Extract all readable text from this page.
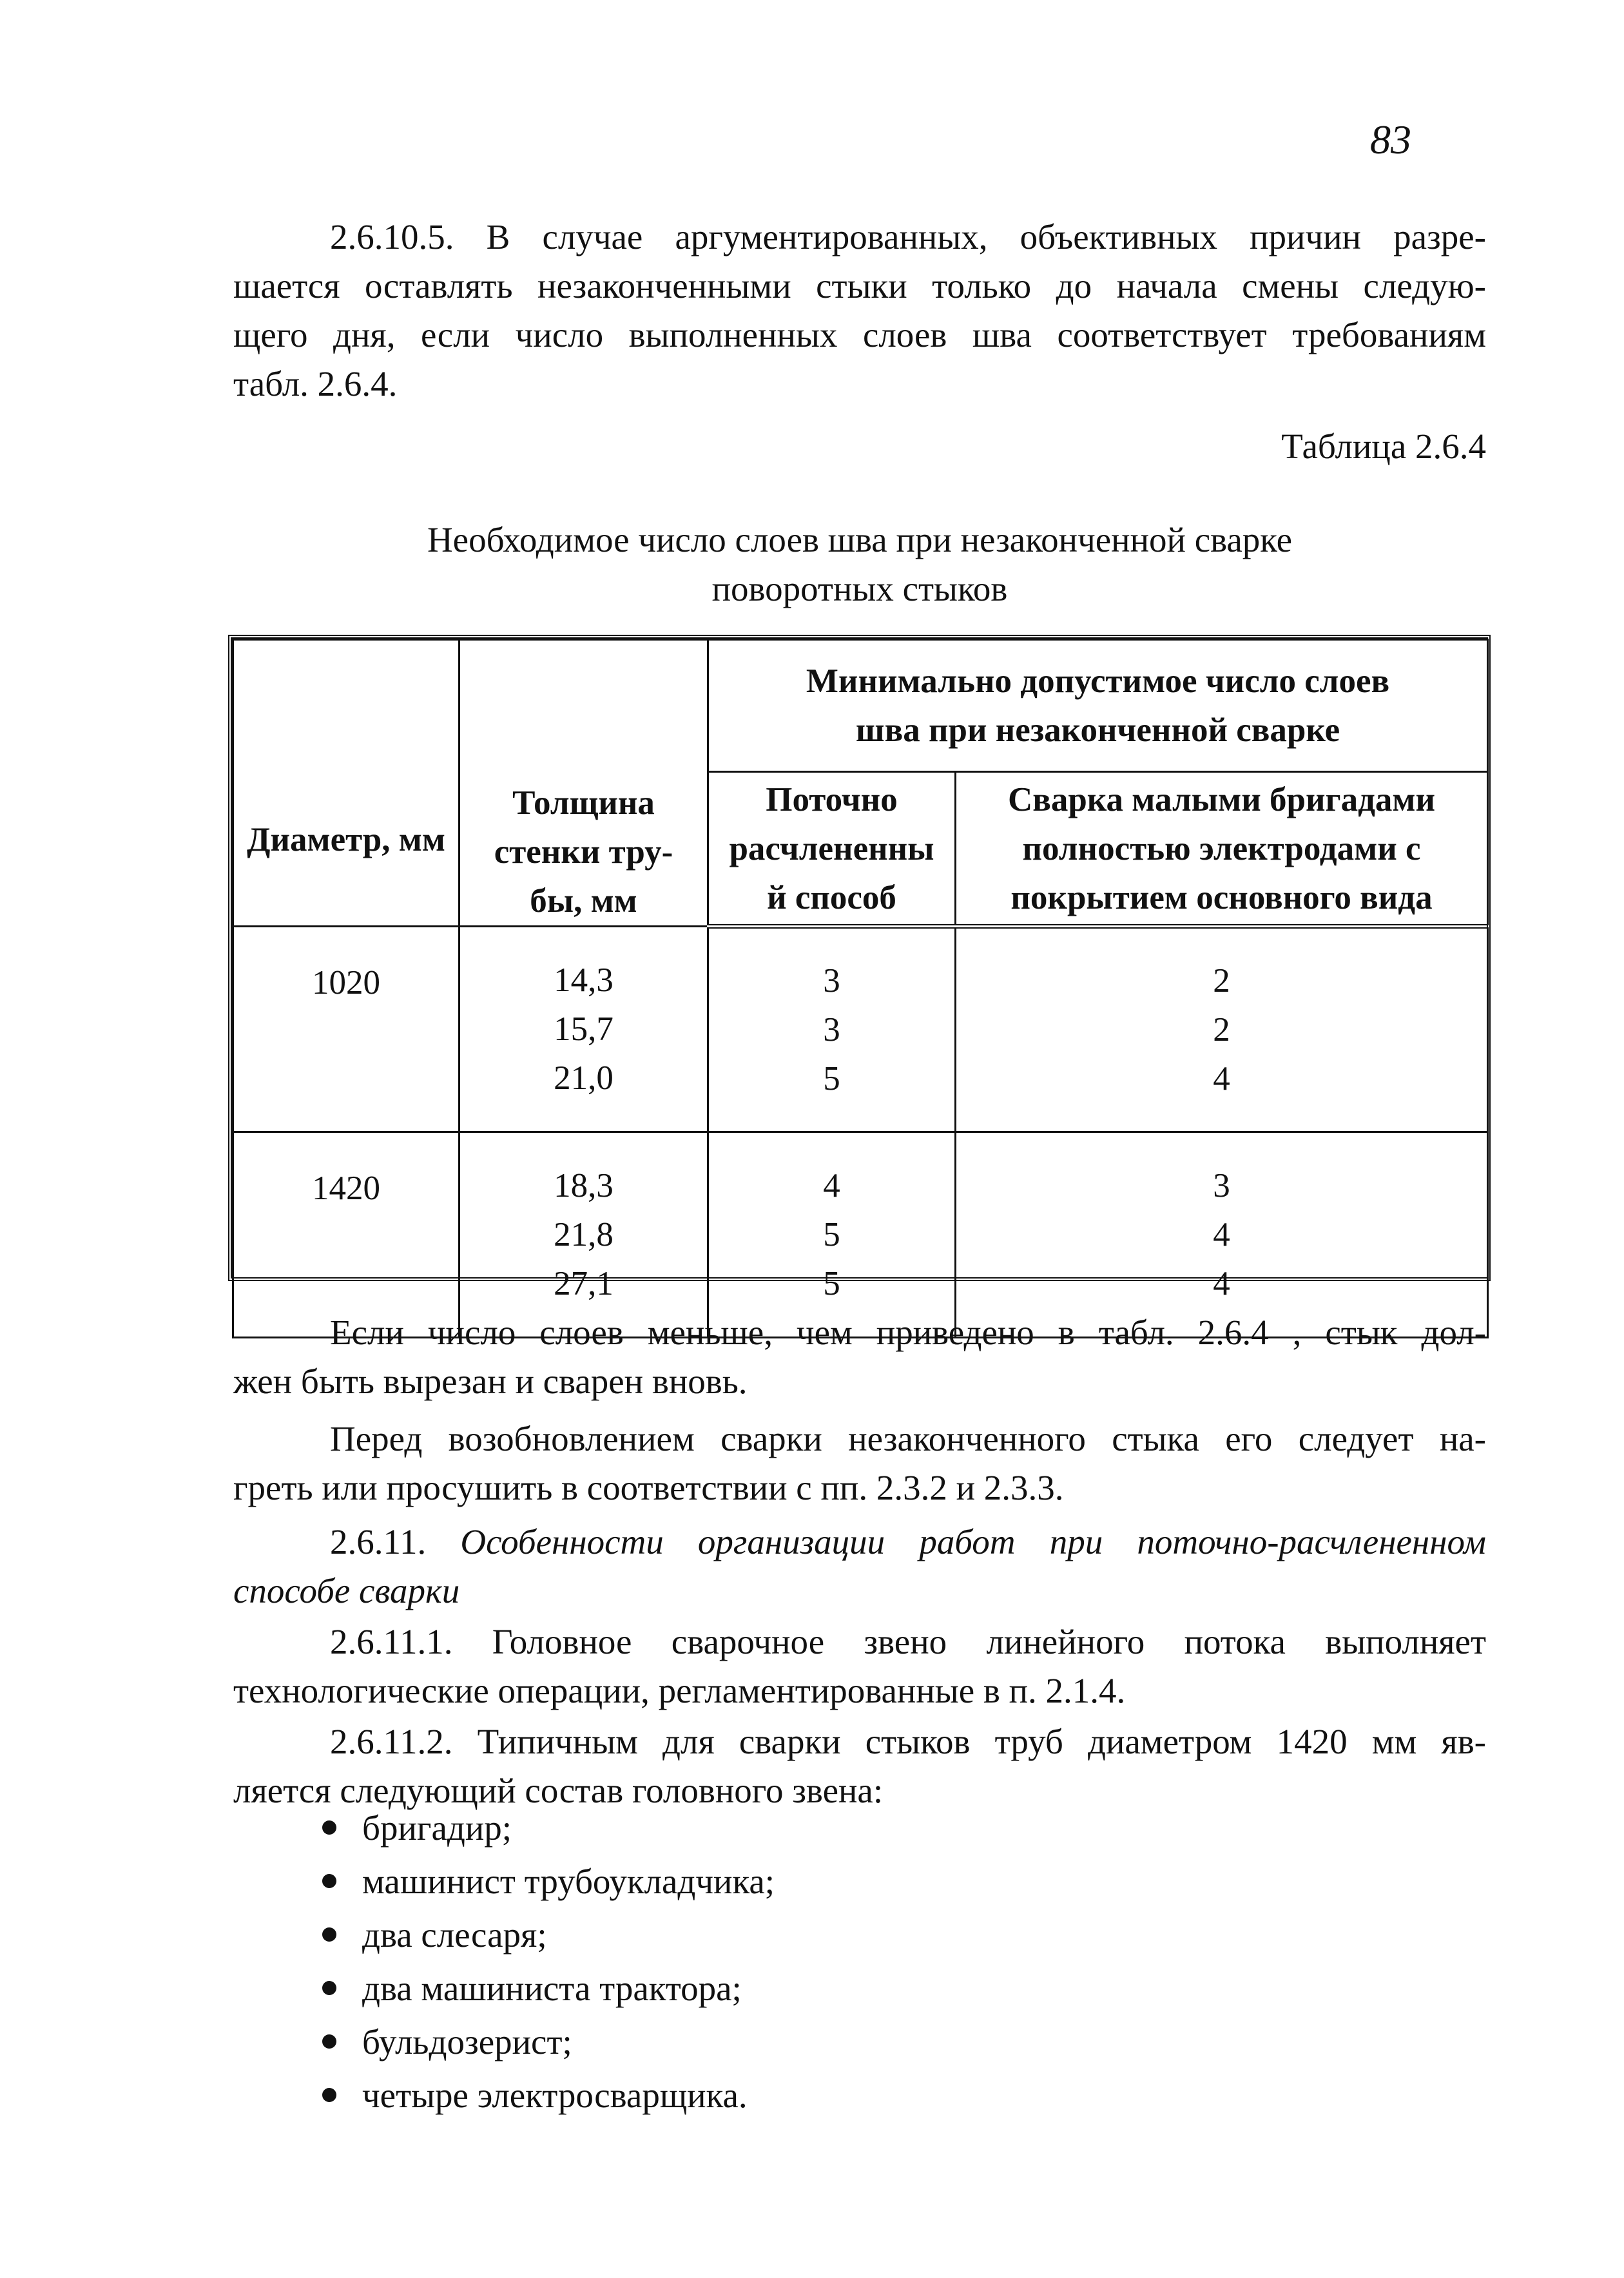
83
2.6.10.5. В случае аргументированных, объективных причин разре-
шается оставлять незаконченными стыки только до начала смены следую-
щего дня, если число выполненных слоев шва соответствует требованиям
табл. 2.6.4.
Таблица 2.6.4
Необходимое число слоев шва при незаконченной сварке
поворотных стыков
Диаметр, мм	Толщина
стенки тру-
бы, мм	Минимально допустимое число слоев
шва при незаконченной сварке	

		Поточно
расчлененны
й способ	Сварка малыми бригадами
полностью электродами с
покрытием основного вида

1020	14,3
15,7
21,0	3
3
5	2
2
4

1420	18,3
21,8
27,1	4
5
5	3
4
4
Если число слоев меньше, чем приведено в табл. 2.6.4 , стык дол-
жен быть вырезан и сварен вновь.
Перед возобновлением сварки незаконченного стыка его следует на-
греть или просушить в соответствии с пп. 2.3.2 и 2.3.3.
2.6.11. Особенности организации работ при поточно-расчлененном
способе сварки
2.6.11.1. Головное сварочное звено линейного потока выполняет
технологические операции, регламентированные в п. 2.1.4.
2.6.11.2. Типичным для сварки стыков труб диаметром 1420 мм яв-
ляется следующий состав головного звена:
бригадир;
машинист трубоукладчика;
два слесаря;
два машиниста трактора;
бульдозерист;
четыре электросварщика.
